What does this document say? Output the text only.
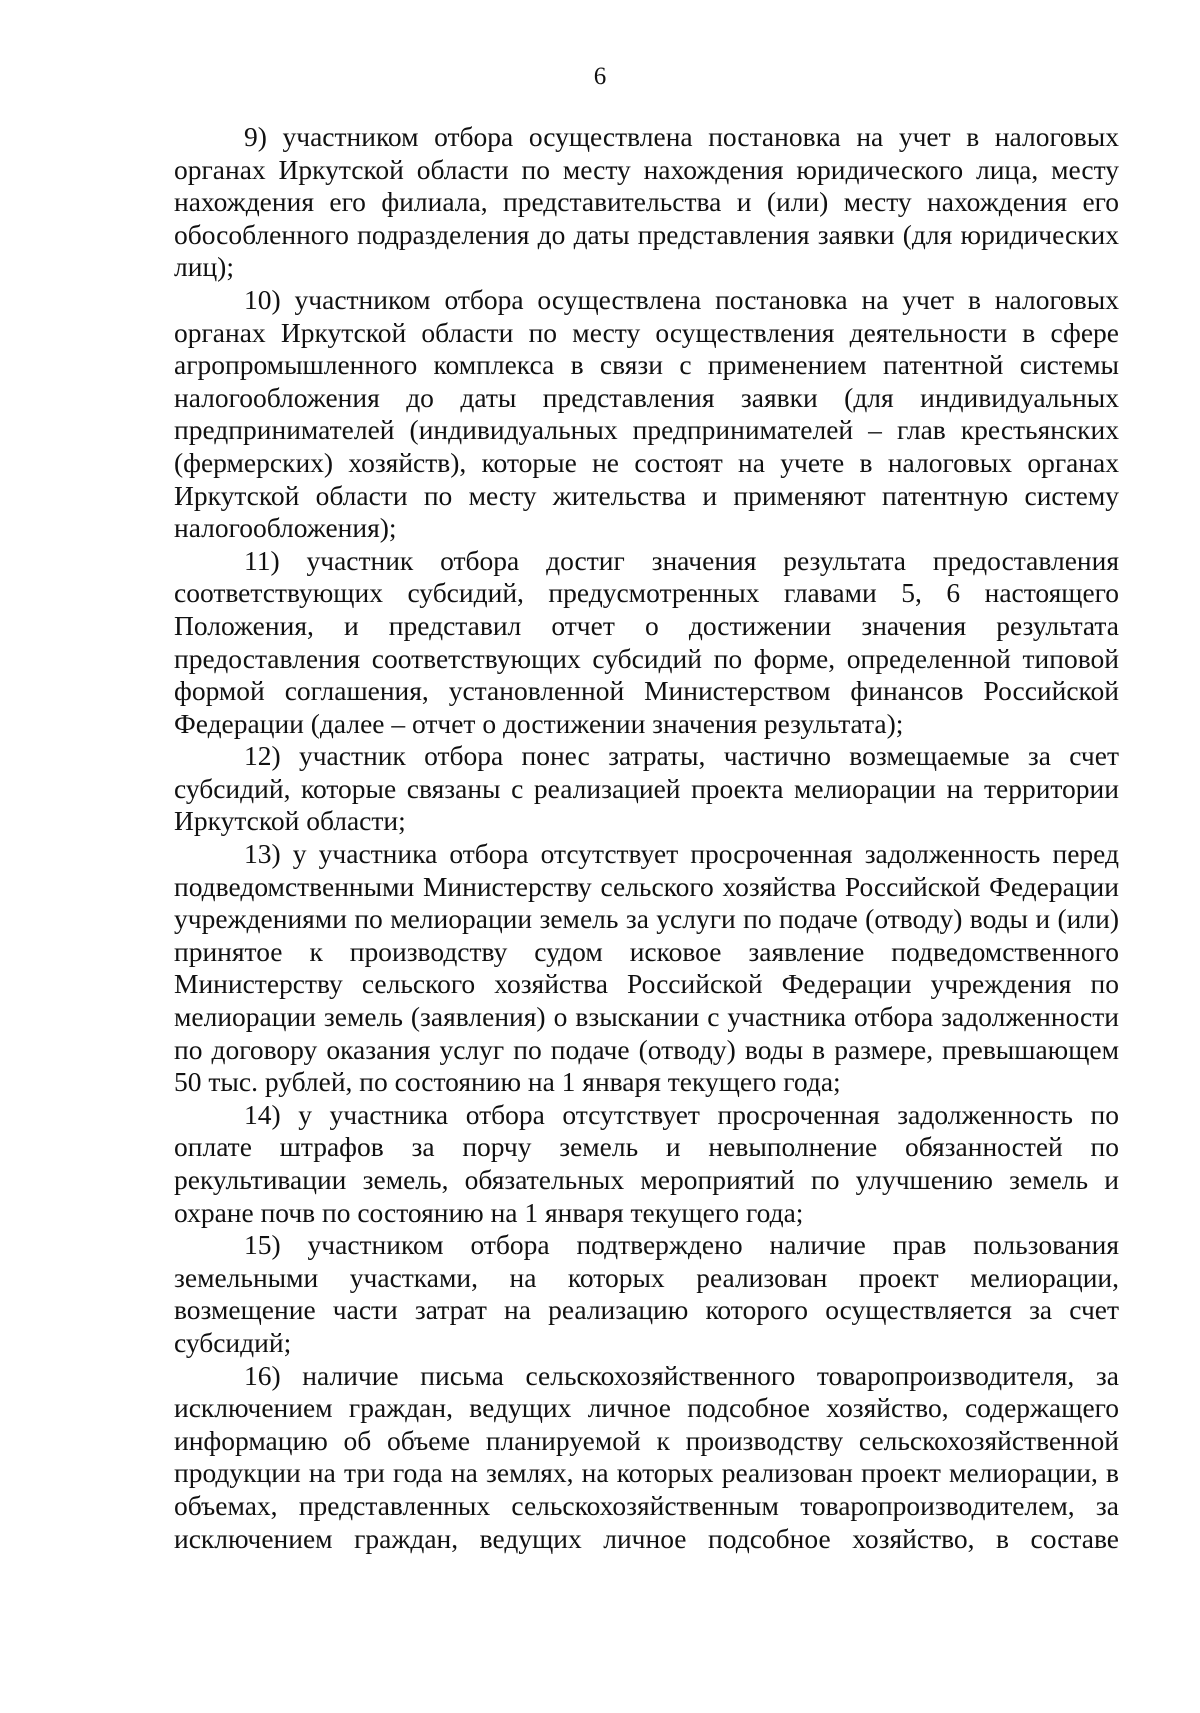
6

9) участником отбора осуществлена постановка на учет в налоговых органах Иркутской области по месту нахождения юридического лица, месту нахождения его филиала, представительства и (или) месту нахождения его обособленного подразделения до даты представления заявки (для юридических лиц);

10) участником отбора осуществлена постановка на учет в налоговых органах Иркутской области по месту осуществления деятельности в сфере агропромышленного комплекса в связи с применением патентной системы налогообложения до даты представления заявки (для индивидуальных предпринимателей (индивидуальных предпринимателей – глав крестьянских (фермерских) хозяйств), которые не состоят на учете в налоговых органах Иркутской области по месту жительства и применяют патентную систему налогообложения);

11) участник отбора достиг значения результата предоставления соответствующих субсидий, предусмотренных главами 5, 6 настоящего Положения, и представил отчет о достижении значения результата предоставления соответствующих субсидий по форме, определенной типовой формой соглашения, установленной Министерством финансов Российской Федерации (далее – отчет о достижении значения результата);

12) участник отбора понес затраты, частично возмещаемые за счет субсидий, которые связаны с реализацией проекта мелиорации на территории Иркутской области;

13) у участника отбора отсутствует просроченная задолженность перед подведомственными Министерству сельского хозяйства Российской Федерации учреждениями по мелиорации земель за услуги по подаче (отводу) воды и (или) принятое к производству судом исковое заявление подведомственного Министерству сельского хозяйства Российской Федерации учреждения по мелиорации земель (заявления) о взыскании с участника отбора задолженности по договору оказания услуг по подаче (отводу) воды в размере, превышающем 50 тыс. рублей, по состоянию на 1 января текущего года;

14) у участника отбора отсутствует просроченная задолженность по оплате штрафов за порчу земель и невыполнение обязанностей по рекультивации земель, обязательных мероприятий по улучшению земель и охране почв по состоянию на 1 января текущего года;

15) участником отбора подтверждено наличие прав пользования земельными участками, на которых реализован проект мелиорации, возмещение части затрат на реализацию которого осуществляется за счет субсидий;

16) наличие письма сельскохозяйственного товаропроизводителя, за исключением граждан, ведущих личное подсобное хозяйство, содержащего информацию об объеме планируемой к производству сельскохозяйственной продукции на три года на землях, на которых реализован проект мелиорации, в объемах, представленных сельскохозяйственным товаропроизводителем, за исключением граждан, ведущих личное подсобное хозяйство, в составе
